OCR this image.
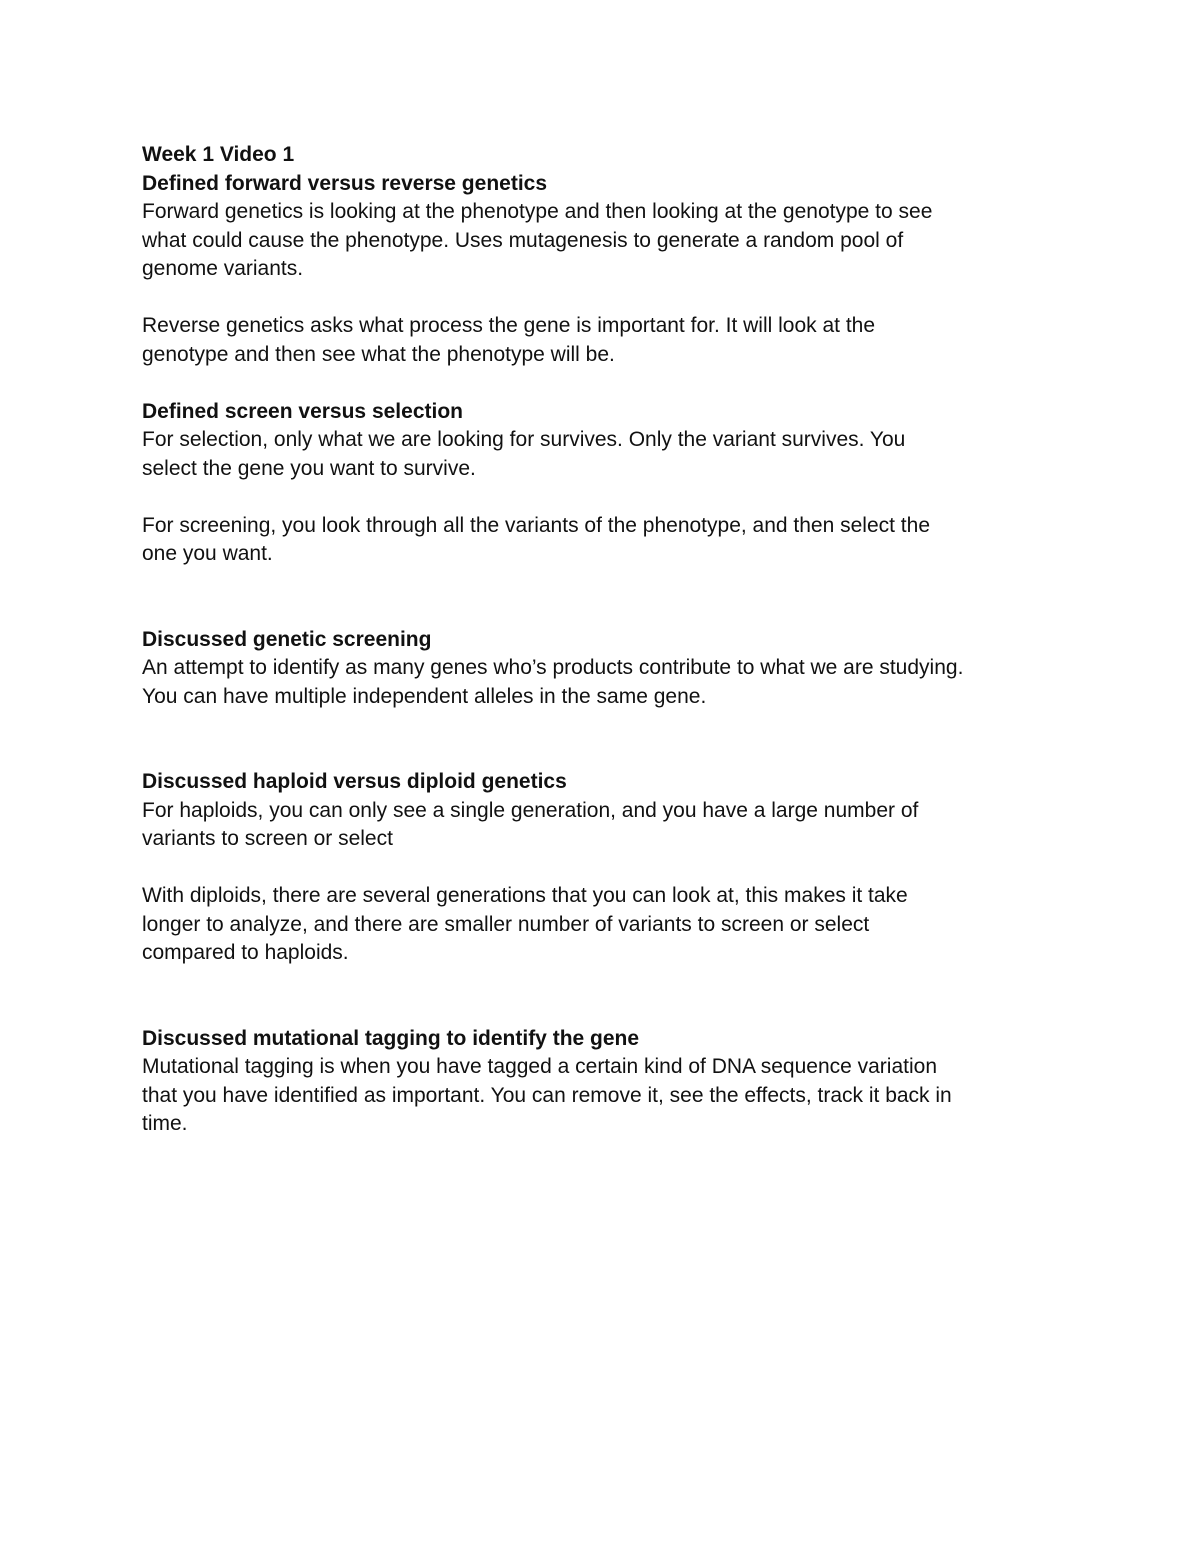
Week 1 Video 1
Defined forward versus reverse genetics
Forward genetics is looking at the phenotype and then looking at the genotype to see
what could cause the phenotype. Uses mutagenesis to generate a random pool of
genome variants.
Reverse genetics asks what process the gene is important for. It will look at the
genotype and then see what the phenotype will be.
Defined screen versus selection
For selection, only what we are looking for survives. Only the variant survives. You
select the gene you want to survive.
For screening, you look through all the variants of the phenotype, and then select the
one you want.
Discussed genetic screening
An attempt to identify as many genes who’s products contribute to what we are studying.
You can have multiple independent alleles in the same gene.
Discussed haploid versus diploid genetics
For haploids, you can only see a single generation, and you have a large number of
variants to screen or select
With diploids, there are several generations that you can look at, this makes it take
longer to analyze, and there are smaller number of variants to screen or select
compared to haploids.
Discussed mutational tagging to identify the gene
Mutational tagging is when you have tagged a certain kind of DNA sequence variation
that you have identified as important. You can remove it, see the effects, track it back in
time.
